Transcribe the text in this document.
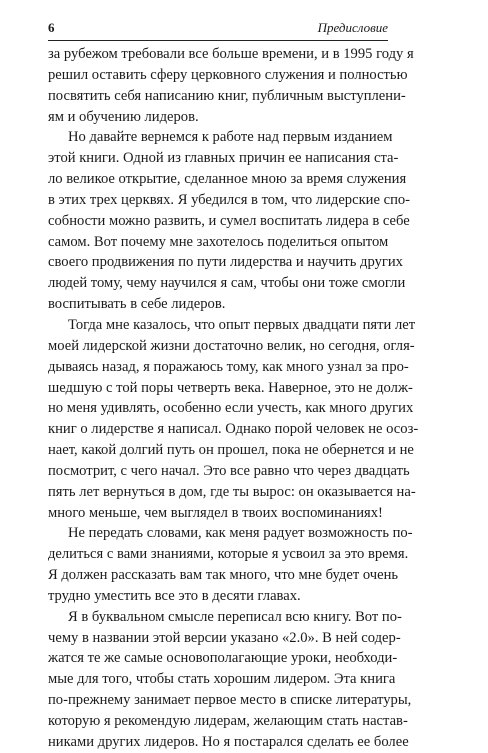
6	Предисловие

за рубежом требовали все больше времени, и в 1995 году я
решил оставить сферу церковного служения и полностью
посвятить себя написанию книг, публичным выступлени-
ям и обучению лидеров.

Но давайте вернемся к работе над первым изданием
этой книги. Одной из главных причин ее написания ста-
ло великое открытие, сделанное мною за время служения
в этих трех церквях. Я убедился в том, что лидерские спо-
собности можно развить, и сумел воспитать лидера в себе
самом. Вот почему мне захотелось поделиться опытом
своего продвижения по пути лидерства и научить других
людей тому, чему научился я сам, чтобы они тоже смогли
воспитывать в себе лидеров.

Тогда мне казалось, что опыт первых двадцати пяти лет
моей лидерской жизни достаточно велик, но сегодня, огля-
дываясь назад, я поражаюсь тому, как много узнал за про-
шедшую с той поры четверть века. Наверное, это не долж-
но меня удивлять, особенно если учесть, как много других
книг о лидерстве я написал. Однако порой человек не осоз-
нает, какой долгий путь он прошел, пока не обернется и не
посмотрит, с чего начал. Это все равно что через двадцать
пять лет вернуться в дом, где ты вырос: он оказывается на-
много меньше, чем выглядел в твоих воспоминаниях!

Не передать словами, как меня радует возможность по-
делиться с вами знаниями, которые я усвоил за это время.
Я должен рассказать вам так много, что мне будет очень
трудно уместить все это в десяти главах.

Я в буквальном смысле переписал всю книгу. Вот по-
чему в названии этой версии указано «2.0». В ней содер-
жатся те же самые основополагающие уроки, необходи-
мые для того, чтобы стать хорошим лидером. Эта книга
по-прежнему занимает первое место в списке литературы,
которую я рекомендую лидерам, желающим стать настав-
никами других лидеров. Но я постарался сделать ее более
